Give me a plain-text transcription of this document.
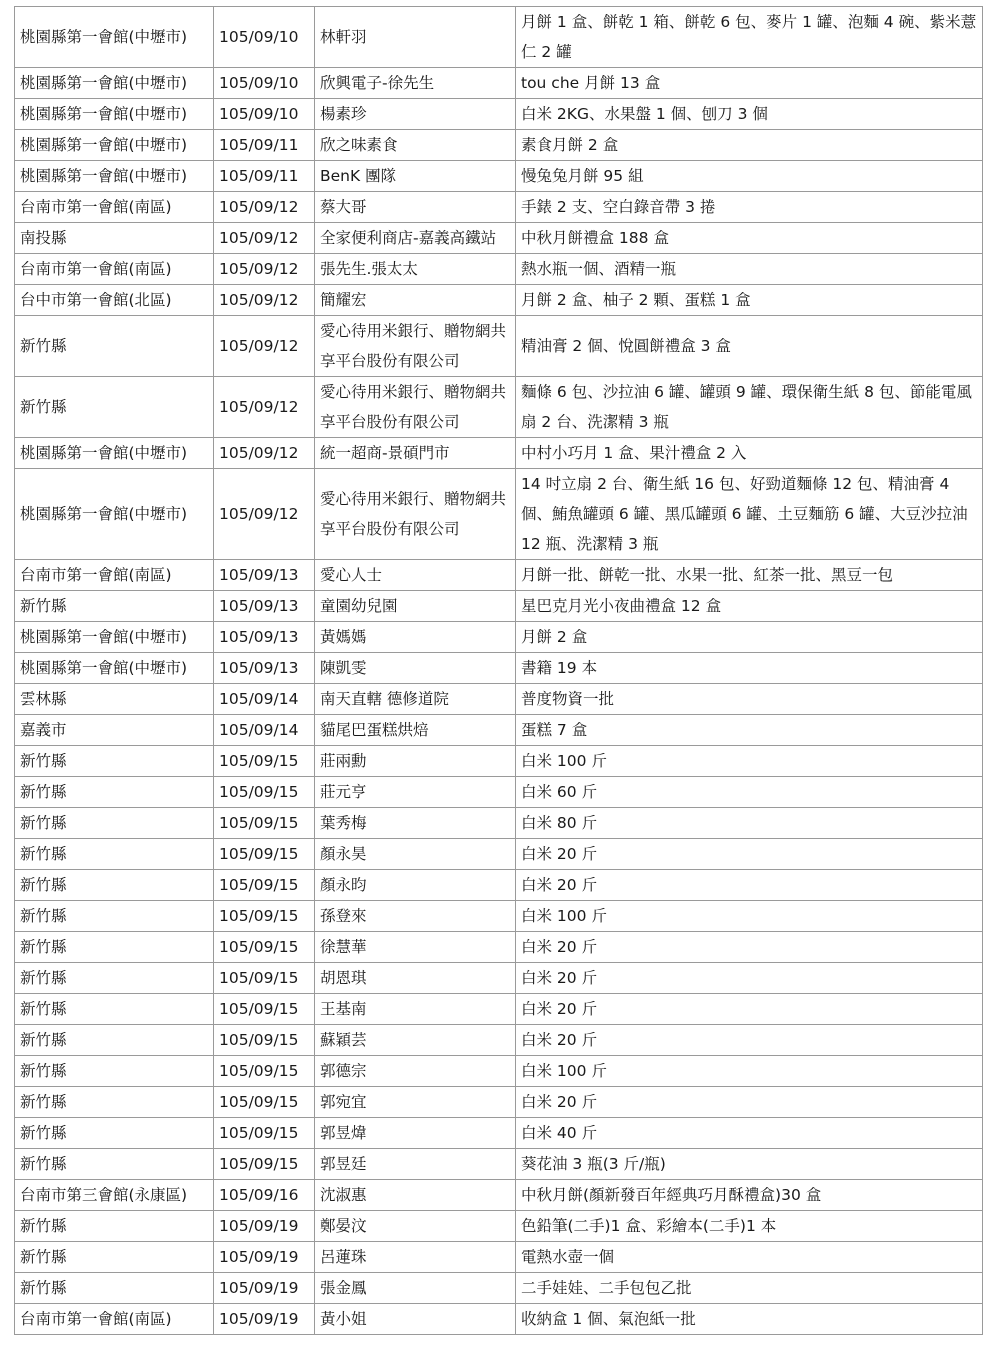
桃園縣第一會館(中壢市)	105/09/10	林軒羽	月餅 1 盒、餅乾 1 箱、餅乾 6 包、麥片 1 罐、泡麵 4 碗、紫米薏仁 2 罐
桃園縣第一會館(中壢市)	105/09/10	欣興電子-徐先生	tou che 月餅 13 盒
桃園縣第一會館(中壢市)	105/09/10	楊素珍	白米 2KG、水果盤 1 個、刨刀 3 個
桃園縣第一會館(中壢市)	105/09/11	欣之味素食	素食月餅 2 盒
桃園縣第一會館(中壢市)	105/09/11	BenK 團隊	慢兔兔月餅 95 組
台南市第一會館(南區)	105/09/12	蔡大哥	手錶 2 支、空白錄音帶 3 捲
南投縣	105/09/12	全家便利商店-嘉義高鐵站	中秋月餅禮盒 188 盒
台南市第一會館(南區)	105/09/12	張先生.張太太	熱水瓶一個、酒精一瓶
台中市第一會館(北區)	105/09/12	簡耀宏	月餅 2 盒、柚子 2 顆、蛋糕 1 盒
新竹縣	105/09/12	愛心待用米銀行、贈物網共享平台股份有限公司	精油膏 2 個、悅圓餅禮盒 3 盒
新竹縣	105/09/12	愛心待用米銀行、贈物網共享平台股份有限公司	麵條 6 包、沙拉油 6 罐、罐頭 9 罐、環保衛生紙 8 包、節能電風扇 2 台、洗潔精 3 瓶
桃園縣第一會館(中壢市)	105/09/12	統一超商-景碩門市	中村小巧月 1 盒、果汁禮盒 2 入
桃園縣第一會館(中壢市)	105/09/12	愛心待用米銀行、贈物網共享平台股份有限公司	14 吋立扇 2 台、衛生紙 16 包、好勁道麵條 12 包、精油膏 4 個、鮪魚罐頭 6 罐、黑瓜罐頭 6 罐、土豆麵筋 6 罐、大豆沙拉油 12 瓶、洗潔精 3 瓶
台南市第一會館(南區)	105/09/13	愛心人士	月餅一批、餅乾一批、水果一批、紅茶一批、黑豆一包
新竹縣	105/09/13	童園幼兒園	星巴克月光小夜曲禮盒 12 盒
桃園縣第一會館(中壢市)	105/09/13	黃媽媽	月餅 2 盒
桃園縣第一會館(中壢市)	105/09/13	陳凱雯	書籍 19 本
雲林縣	105/09/14	南天直轄 德修道院	普度物資一批
嘉義市	105/09/14	貓尾巴蛋糕烘焙	蛋糕 7 盒
新竹縣	105/09/15	莊兩勳	白米 100 斤
新竹縣	105/09/15	莊元亨	白米 60 斤
新竹縣	105/09/15	葉秀梅	白米 80 斤
新竹縣	105/09/15	顏永昊	白米 20 斤
新竹縣	105/09/15	顏永昀	白米 20 斤
新竹縣	105/09/15	孫登來	白米 100 斤
新竹縣	105/09/15	徐慧華	白米 20 斤
新竹縣	105/09/15	胡恩琪	白米 20 斤
新竹縣	105/09/15	王基南	白米 20 斤
新竹縣	105/09/15	蘇穎芸	白米 20 斤
新竹縣	105/09/15	郭德宗	白米 100 斤
新竹縣	105/09/15	郭宛宜	白米 20 斤
新竹縣	105/09/15	郭昱煒	白米 40 斤
新竹縣	105/09/15	郭昱廷	葵花油 3 瓶(3 斤/瓶)
台南市第三會館(永康區)	105/09/16	沈淑惠	中秋月餅(顏新發百年經典巧月酥禮盒)30 盒
新竹縣	105/09/19	鄭晏汶	色鉛筆(二手)1 盒、彩繪本(二手)1 本
新竹縣	105/09/19	呂蓮珠	電熱水壺一個
新竹縣	105/09/19	張金鳳	二手娃娃、二手包包乙批
台南市第一會館(南區)	105/09/19	黃小姐	收納盒 1 個、氣泡紙一批
